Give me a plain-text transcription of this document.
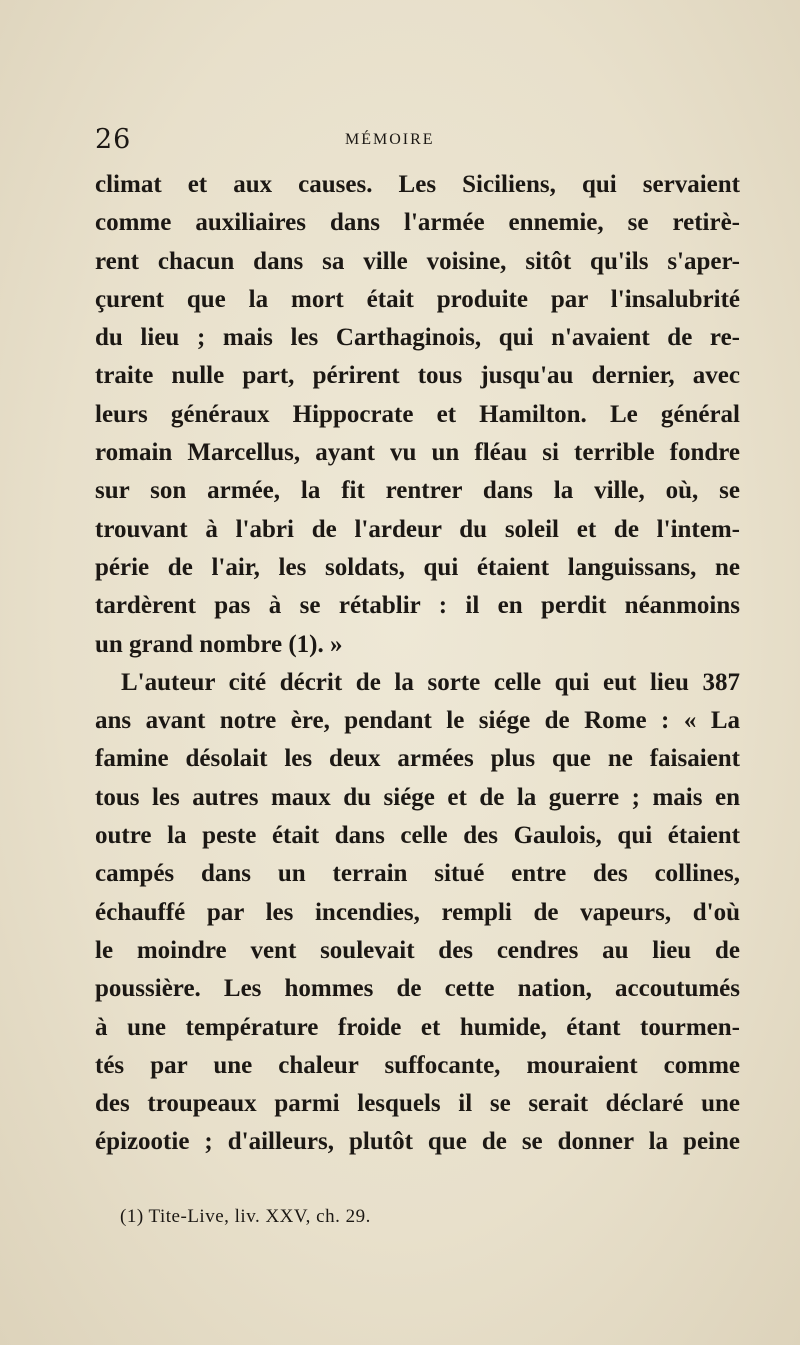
26	MÉMOIRE
climat et aux causes. Les Siciliens, qui servaient
comme auxiliaires dans l'armée ennemie, se retirè-
rent chacun dans sa ville voisine, sitôt qu'ils s'aper-
çurent que la mort était produite par l'insalubrité
du lieu ; mais les Carthaginois, qui n'avaient de re-
traite nulle part, périrent tous jusqu'au dernier, avec
leurs généraux Hippocrate et Hamilton. Le général
romain Marcellus, ayant vu un fléau si terrible fondre
sur son armée, la fit rentrer dans la ville, où, se
trouvant à l'abri de l'ardeur du soleil et de l'intem-
périe de l'air, les soldats, qui étaient languissans, ne
tardèrent pas à se rétablir : il en perdit néanmoins
un grand nombre (1). »
L'auteur cité décrit de la sorte celle qui eut lieu 387
ans avant notre ère, pendant le siége de Rome : « La
famine désolait les deux armées plus que ne faisaient
tous les autres maux du siége et de la guerre ; mais en
outre la peste était dans celle des Gaulois, qui étaient
campés dans un terrain situé entre des collines,
échauffé par les incendies, rempli de vapeurs, d'où
le moindre vent soulevait des cendres au lieu de
poussière. Les hommes de cette nation, accoutumés
à une température froide et humide, étant tourmen-
tés par une chaleur suffocante, mouraient comme
des troupeaux parmi lesquels il se serait déclaré une
épizootie ; d'ailleurs, plutôt que de se donner la peine
(1) Tite-Live, liv. XXV, ch. 29.
